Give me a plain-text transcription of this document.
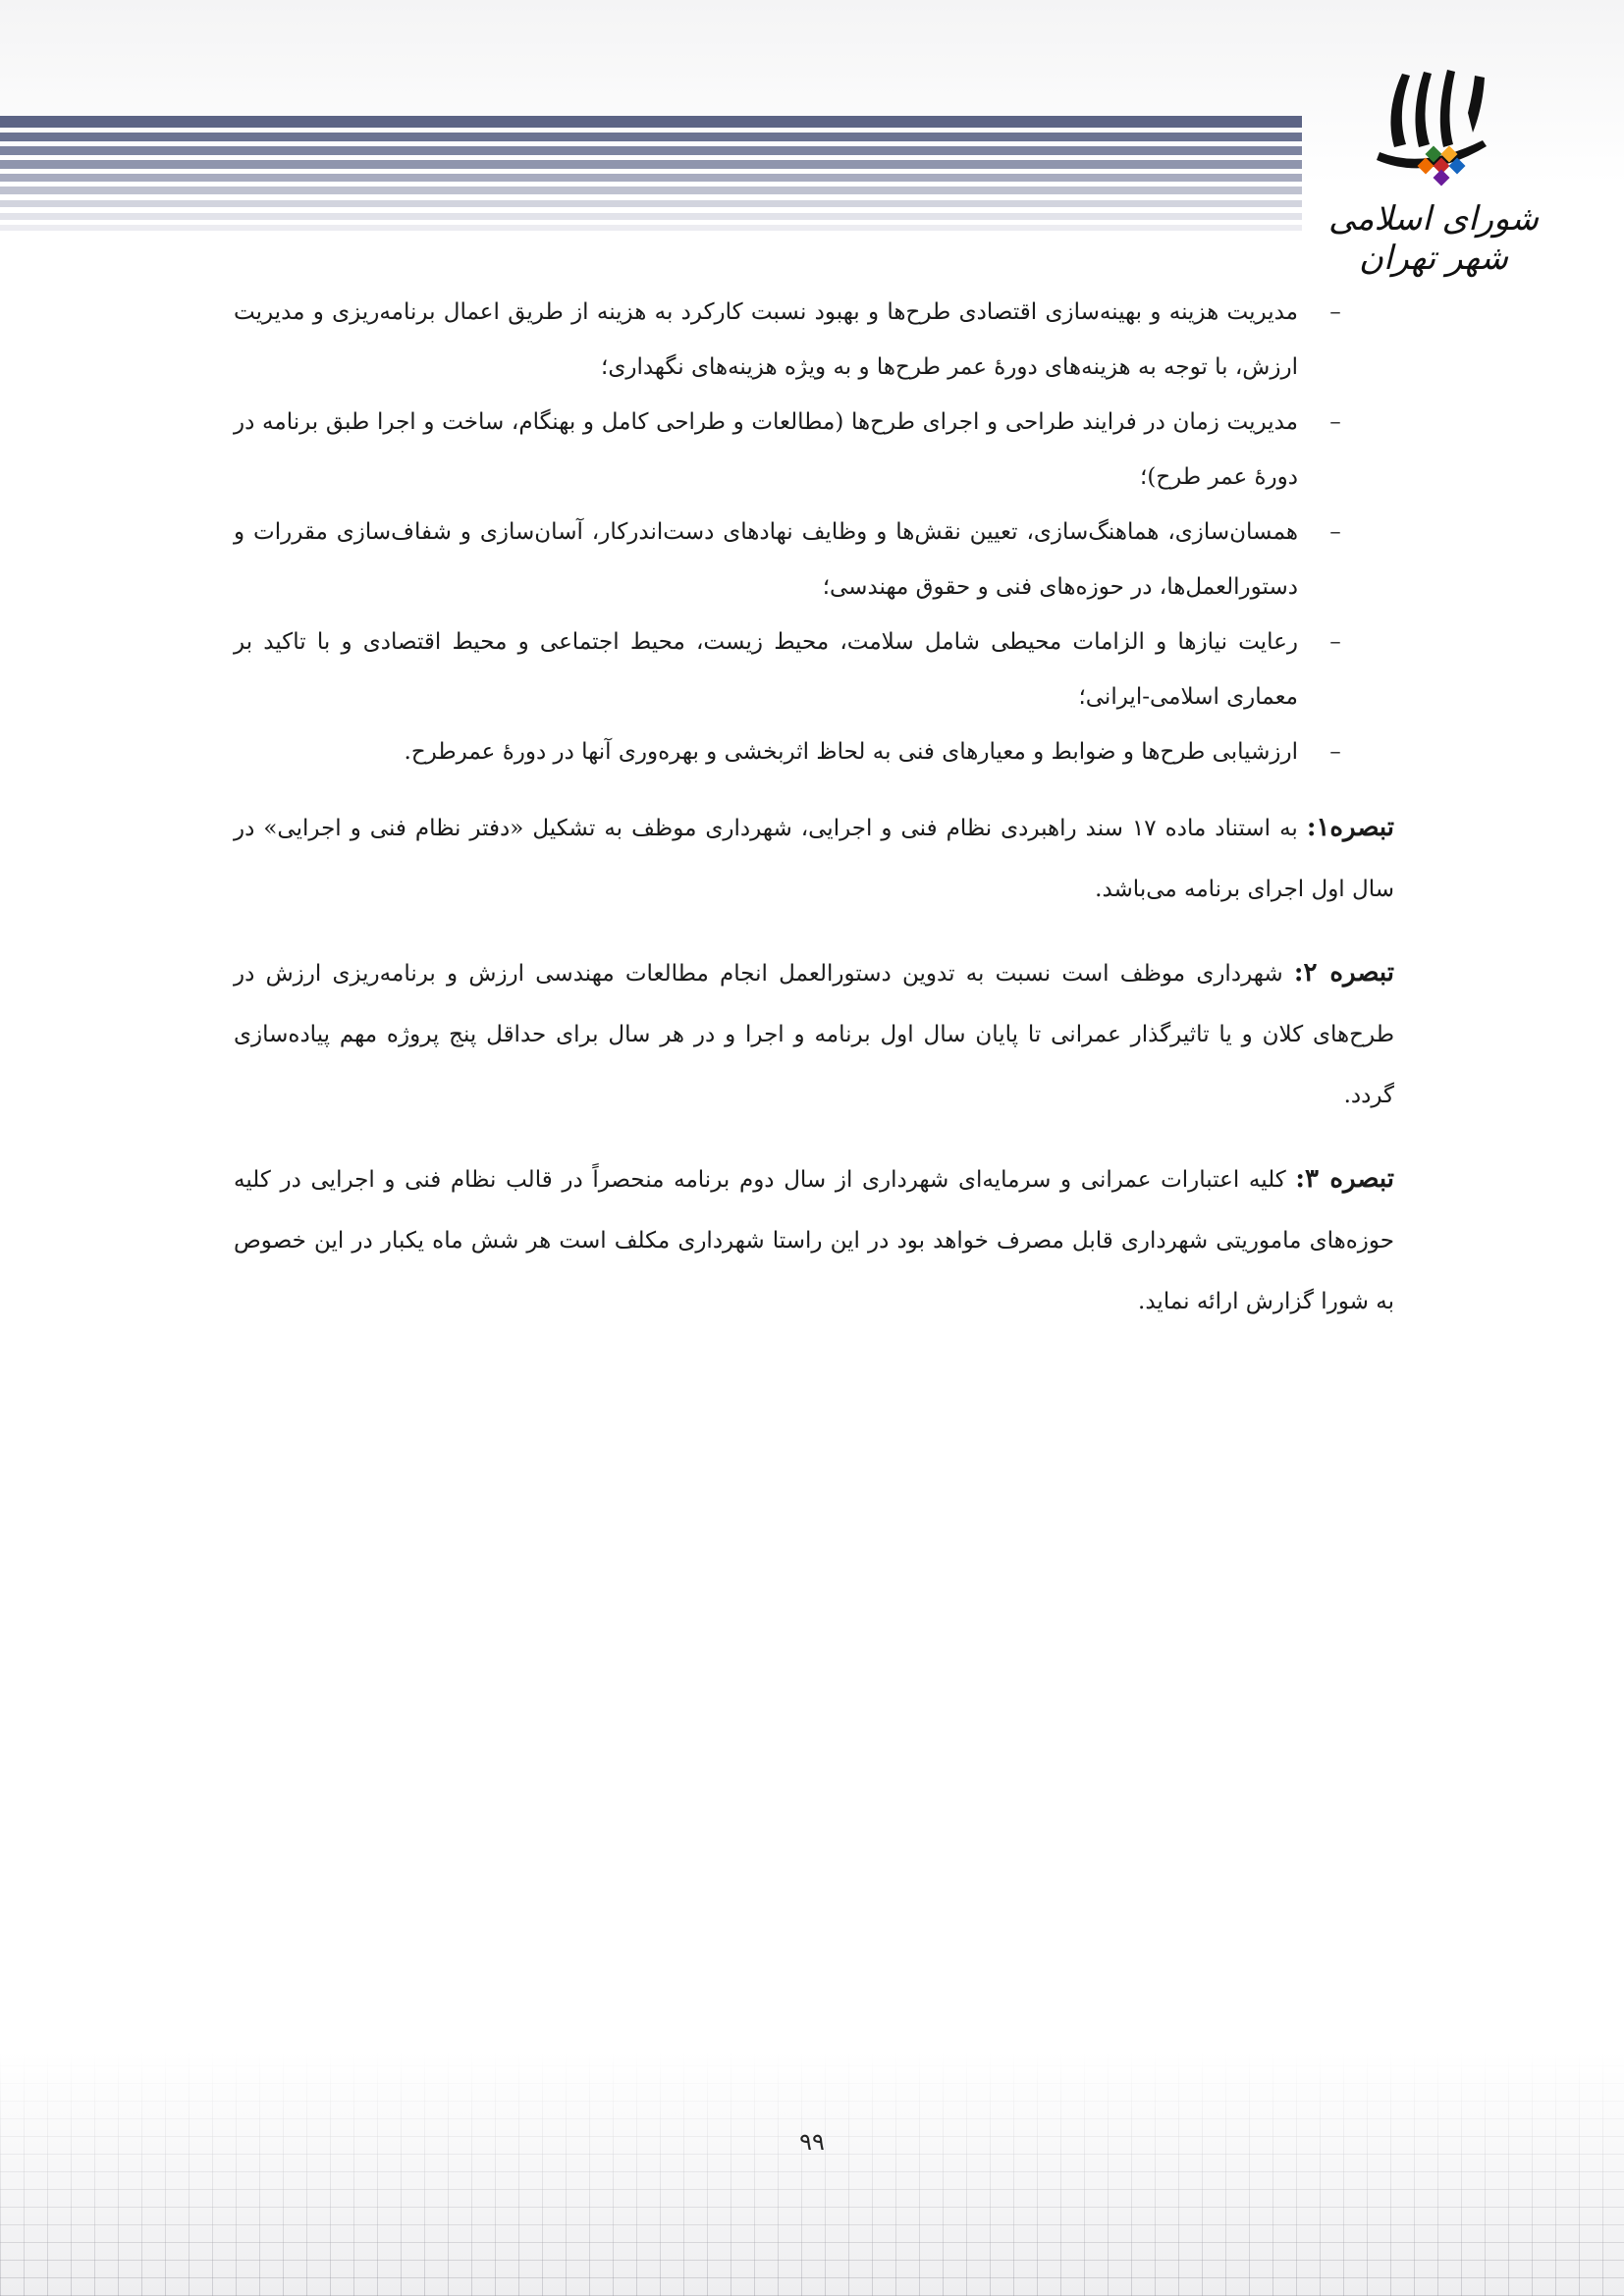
شورای اسلامی شهر تهران
–
مدیریت هزینه و بهینه‌سازی اقتصادی طرح‌ها و بهبود نسبت کارکرد به هزینه از طریق اعمال برنامه‌ریزی و مدیریت ارزش، با توجه به هزینه‌های دورهٔ عمر طرح‌ها و به ویژه هزینه‌های نگهداری؛
–
مدیریت زمان در فرایند طراحی و اجرای طرح‌ها (مطالعات و طراحی کامل و بهنگام، ساخت و اجرا طبق برنامه در دورهٔ عمر طرح)؛
–
همسان‌سازی، هماهنگ‌سازی، تعیین نقش‌ها و وظایف نهادهای دست‌اندرکار، آسان‌سازی و شفاف‌سازی مقررات و دستورالعمل‌ها، در حوزه‌های فنی و حقوق مهندسی؛
–
رعایت نیازها و الزامات محیطی شامل سلامت، محیط زیست، محیط اجتماعی و محیط اقتصادی و با تاکید بر معماری اسلامی-ایرانی؛
–
ارزشیابی طرح‌ها و ضوابط و معیارهای فنی به لحاظ اثربخشی و بهره‌وری آنها در دورهٔ عمرطرح.

تبصره۱: به استناد ماده ۱۷ سند راهبردی نظام فنی و اجرایی، شهرداری موظف به تشکیل «دفتر نظام فنی و اجرایی» در سال اول اجرای برنامه می‌باشد.

تبصره ۲: شهرداری موظف است نسبت به تدوین دستورالعمل انجام مطالعات مهندسی ارزش و برنامه‌ریزی ارزش در طرح‌های کلان و یا تاثیرگذار عمرانی تا پایان سال اول برنامه و اجرا و در هر سال برای حداقل پنج پروژه مهم پیاده‌سازی گردد.

تبصره ۳: کلیه اعتبارات عمرانی و سرمایه‌ای شهرداری از سال دوم برنامه منحصراً در قالب نظام فنی و اجرایی در کلیه حوزه‌های ماموریتی شهرداری قابل مصرف خواهد بود در این راستا شهرداری مکلف است هر شش ماه یکبار در این خصوص به شورا گزارش ارائه نماید.

۹۹
